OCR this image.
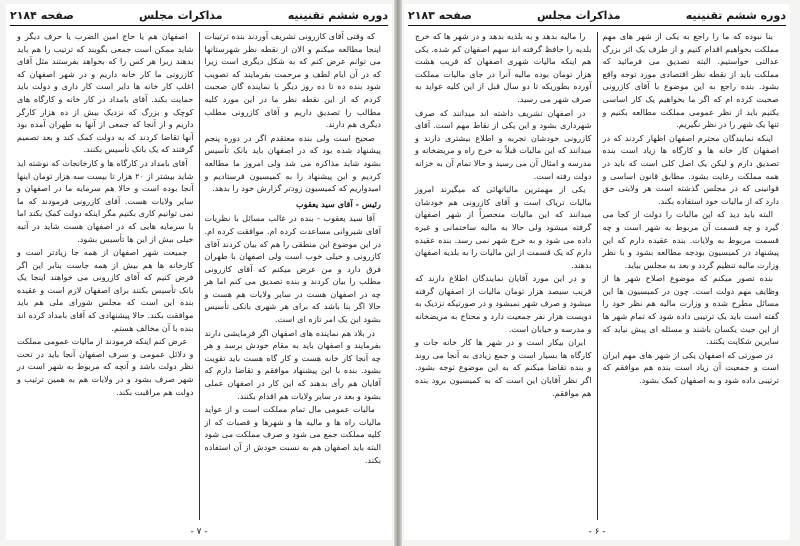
دوره ششم تقنینیه
مذاکرات مجلس
صفحه ۲۱۸۴

که وقتی آقای کازرونی تشریف آوردند بنده ترتیبات اینجا مطالعه میکنم و الان از نقطه نظر شهرستانها می توانم عرض کنم که به شکل دیگری است زیرا که در آن ایام لطف و مرحمت بفرمایند که تصویب شود بنده ده تا ده روز دیگر با نماینده گان صحبت کردم که از این نقطه نظر ما در این مورد کلیه مطالب را تصدیق داریم و آقای کازرونی مطلب دیگری هم دارند.

صحیح است ولی بنده معتقدم اگر در دوره پنجم پیشنهاد شده بود که در اصفهان باید بانک تأسیس بشود شاید مذاکره می شد ولی امروز ما مطالعه کردیم و این پیشنهاد را به کمیسیون فرستادیم و امیدواریم که کمیسیون زودتر گزارش خود را بدهد.

رئیس - آقای سید یعقوب

آقا سید یعقوب - بنده در غالب مسائل با نظریات آقای شیروانی مساعدت کرده ام. موافقت کرده ام. در این موضوع این منطقی را هم که بیان کردند آقای کازرونی و خیلی خوب است ولی اصفهان با طهران فرق دارد و من عرض میکنم که آقای کازرونی مطلب را بیان کردند و بنده تصدیق می کنم اما هر چه در اصفهان هست در سایر ولایات هم هست و حالا اگر بنا باشد که برای هر شهری بانکی تأسیس بشود این یک امر تازه ای است.

در بلاد هم نماینده های اصفهان اگر فرمایشی دارند بفرمایند و اصفهان باید به مقام خودش برسد و هر چه آنجا کار خانه هست و کار گاه هست باید تقویت بشود. بنده با این پیشنهاد موافقم و تقاضا دارم که آقایان هم رأی بدهند که این کار در اصفهان عملی بشود و بعد در سایر ولایات هم اقدام بکنند.

مالیات عمومی مال تمام مملکت است و از عواید مالیات راه ها و مالیه ها و شهرها و قصبات که از کلیه مملکت جمع می شود و صرف مملکت می شود البته باید اصفهان هم به نسبت خودش از آن استفاده بکند.

اصفهان هم یا حاج امین الضرب یا حرف دیگر و شاید ممکن است جمعی بگویند که ترتیب را هم باید بدهند زیرا هر کس را که بخواهد بفرستند مثل آقای کازرونی ما کار خانه داریم و در شهر اصفهان که اغلب کار خانه ها دایر است کار داری و دولت باید حمایت بکند. آقای بامداد در کار خانه و کارگاه های کوچک و بزرگ که نزدیک بیش از ده هزار کارگر داریم و از آنجا که جمعی از آنها به طهران آمده بود آنها تقاضا کردند که به دولت کمک کند و بعد تصمیم گرفتند که یک بانک تأسیس بکنند.

آقای بامداد در کارگاه ها و کارخانجات که نوشته اید شاید بیشتر از ۲۰ هزار تا بیست سه هزار تومان اینها آنجا بوده است و حالا هم سرمایه ما در اصفهان و سایر ولایات هست. آقای کازرونی فرمودند که ما نمی توانیم کاری بکنیم مگر اینکه دولت کمک بکند اما با سرمایه هایی که در اصفهان هست شاید در آتیه خیلی بیش از این ها تأسیس بشود.

جمیعت شهر اصفهان از همه جا زیادتر است و کارخانه ها هم بیش از همه جاست بنابر این اگر فرض کنیم که آقای کازرونی می خواهند اینجا یک بانک تأسیس بکنند برای اصفهان لازم است و عقیده بنده این است که مجلس شورای ملی هم باید موافقت بکند. حالا پیشنهادی که آقای بامداد کرده اند بنده با آن مخالف هستم.

عرض کنم اینکه فرمودند از مالیات عمومی مملکت و دلائل عمومی و سرف اصفهان آنجا باید در تحت نظر دولت باشد و آنچه که مربوط به شهر است در شهر صرف بشود و در ولایات هم به همین ترتیب و دولت هم مراقبت بکند.

- ۷ -
دوره ششم تقنینیه
مذاکرات مجلس
صفحه ۲۱۸۳

بنا نبوده که ما را راجع به یکی از شهر های مهم مملکت بخواهیم اقدام کنیم و از طرف یک اثر بزرگ عدالتی خواستیم. البته تصدیق می فرمائید که مملکت باید از نقطه نظر اقتصادی مورد توجه واقع بشود. بنده راجع به این موضوع با آقای کازرونی صحبت کرده ام که اگر ما بخواهیم یک کار اساسی بکنیم باید از نظر عمومی مملکت مطالعه بکنیم و تنها یک شهر را در نظر نگیریم.

اینکه نمایندگان محترم اصفهان اظهار کردند که در اصفهان کار خانه ها و کارگاه ها زیاد است بنده تصدیق دارم و لیکن یک اصل کلی است که باید در همه مملکت رعایت بشود. مطابق قانون اساسی و قوانینی که در مجلس گذشته است هر ولایتی حق دارد که از مالیات خود استفاده بکند.

البته باید دید که این مالیات را دولت از کجا می گیرد و چه قسمت آن مربوط به شهر است و چه قسمت مربوط به ولایات. بنده عقیده دارم که این پیشنهاد در کمیسیون بودجه مطالعه بشود و با نظر وزارت مالیه تنظیم گردد و بعد به مجلس بیاید.

بنده تصور میکنم که موضوع اصلاح شهر ها از وظایف مهم دولت است. چون در کمیسیون ها این مسائل مطرح شده و وزارت مالیه هم نظر خود را گفته است باید یک ترتیبی داده شود که تمام شهر ها از این حیث یکسان باشند و مسئله ای پیش نیاید که سایرین شکایت بکنند.

در صورتی که اصفهان یکی از شهر های مهم ایران است و جمعیت آن زیاد است بنده هم موافقم که ترتیبی داده شود و به اصفهان کمک بشود.

را مالیه بدهد و به بلدیه بدهد و در شهر ها که خرج بلدیه را حافظ گرفته اند سهم اصفهان کم شده. یکی هم اینکه مالیات شهری اصفهان که قریب هشت هزار تومان بوده مالیه آنرا در جای مالیات مملکت آورده بطوریکه تا دو سال قبل از این کلیه عواید به صرف شهر می رسید.

در اصفهان تشریف داشته اند میدانند که صرف شهرداری بشود و این یکی از نقاط مهم است. آقای کازرونی خودشان تجربه و اطلاع بیشتری دارند و میدانند که این مالیات قبلاً به خرج راه و مریضخانه و مدرسه و امثال آن می رسید و حالا تمام آن به خزانه دولت رفته است.

یکی از مهمترین مالیاتهائی که میگیرند امروز مالیات تریاک است و آقای کازرونی هم خودشان میدانند که این مالیات منحصراً از شهر اصفهان گرفته میشود ولی حالا به مالیه ساختمانی و غیره داده می شود و به خرج شهر نمی رسد. بنده عقیده دارم که یک قسمت از این مالیات را به بلدیه اصفهان بدهند.

و در این مورد آقایان نمایندگان اطلاع دارند که قریب سیصد هزار تومان مالیات از اصفهان گرفته میشود و صرف شهر نمیشود و در صورتیکه نزدیک به دویست هزار نفر جمعیت دارد و محتاج به مریضخانه و مدرسه و خیابان است.

ایران بیکار است و در شهر ها کار خانه جات و کارگاه ها بسیار است و جمع زیادی به آنجا می روند و بنده تقاضا میکنم که به این موضوع توجه بشود. اگر نظر آقایان این است که به کمیسیون برود بنده هم موافقم.

- ۶ -
